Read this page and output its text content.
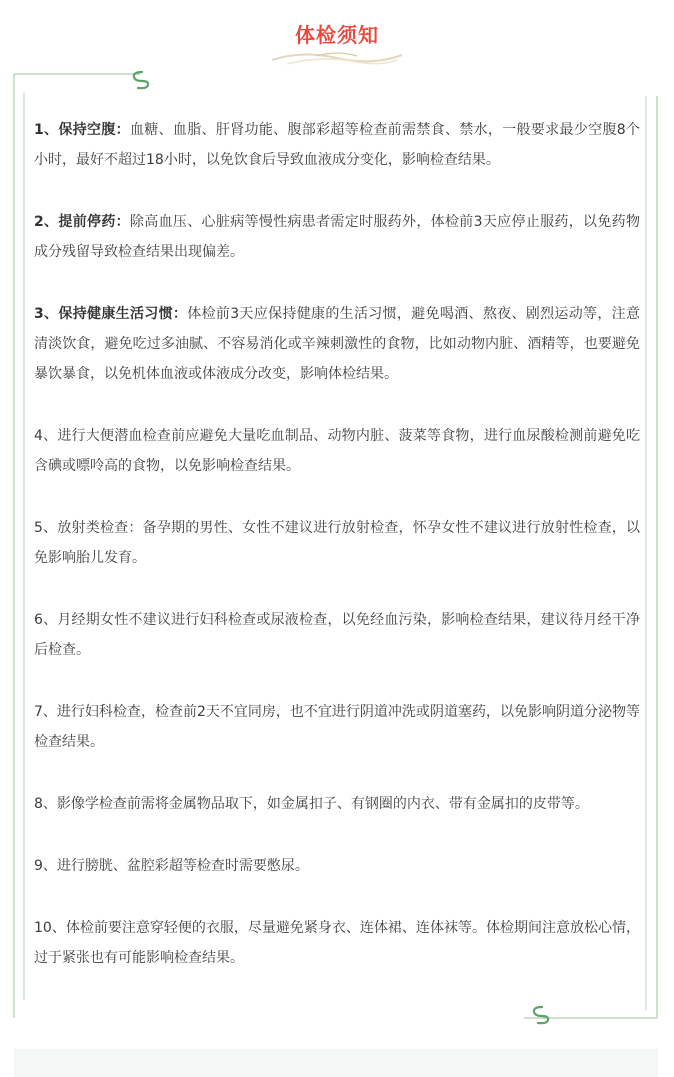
体检须知

1、保持空腹：血糖、血脂、肝肾功能、腹部彩超等检查前需禁食、禁水，一般要求最少空腹8个小时，最好不超过18小时，以免饮食后导致血液成分变化，影响检查结果。

2、提前停药：除高血压、心脏病等慢性病患者需定时服药外，体检前3天应停止服药，以免药物成分残留导致检查结果出现偏差。

3、保持健康生活习惯：体检前3天应保持健康的生活习惯，避免喝酒、熬夜、剧烈运动等，注意清淡饮食，避免吃过多油腻、不容易消化或辛辣刺激性的食物，比如动物内脏、酒精等，也要避免暴饮暴食，以免机体血液或体液成分改变，影响体检结果。

4、进行大便潜血检查前应避免大量吃血制品、动物内脏、菠菜等食物，进行血尿酸检测前避免吃含碘或嘌呤高的食物，以免影响检查结果。

5、放射类检查：备孕期的男性、女性不建议进行放射检查，怀孕女性不建议进行放射性检查，以免影响胎儿发育。

6、月经期女性不建议进行妇科检查或尿液检查，以免经血污染，影响检查结果，建议待月经干净后检查。

7、进行妇科检查，检查前2天不宜同房，也不宜进行阴道冲洗或阴道塞药，以免影响阴道分泌物等检查结果。

8、影像学检查前需将金属物品取下，如金属扣子、有钢圈的内衣、带有金属扣的皮带等。

9、进行膀胱、盆腔彩超等检查时需要憋尿。

10、体检前要注意穿轻便的衣服，尽量避免紧身衣、连体裙、连体袜等。体检期间注意放松心情，过于紧张也有可能影响检查结果。
